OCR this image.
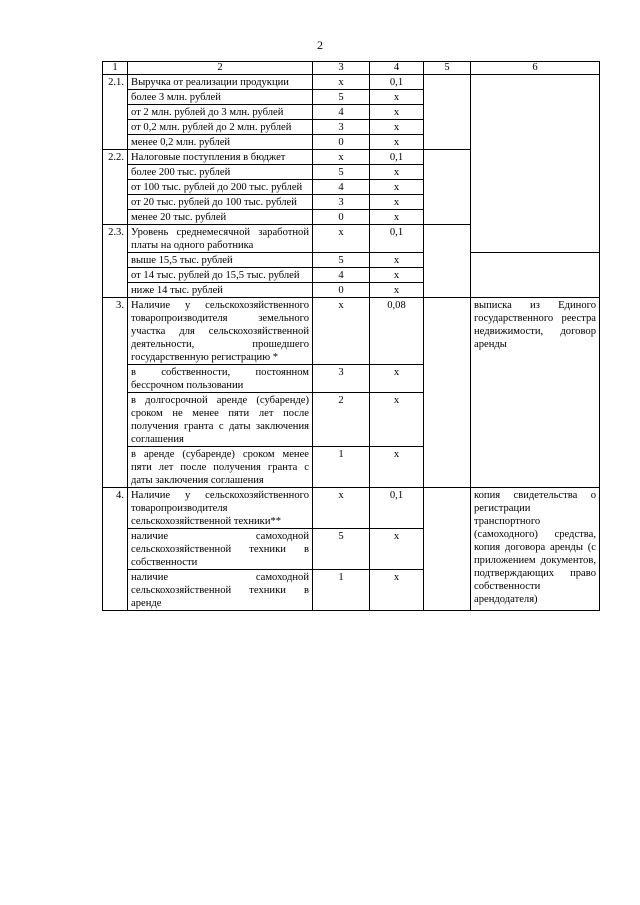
2
1	2	3	4	5	6
2.1.	Выручка от реализации продукции	х	0,1		
	более 3 млн. рублей	5	х		
	от 2 млн. рублей до 3 млн. рублей	4	х		
	от 0,2 млн. рублей до 2 млн. рублей	3	х		
	менее 0,2 млн. рублей	0	х		
2.2.	Налоговые поступления в бюджет	х	0,1		
	более 200 тыс. рублей	5	х		
	от 100 тыс. рублей до 200 тыс. рублей	4	х		
	от 20 тыс. рублей до 100 тыс. рублей	3	х		
	менее 20 тыс. рублей	0	х		
2.3.	Уровень среднемесячной заработной платы на одного работника	х	0,1		
	выше 15,5 тыс. рублей	5	х		
	от 14 тыс. рублей до 15,5 тыс. рублей	4	х		
	ниже 14 тыс. рублей	0	х		
3.	Наличие у сельскохозяйственного товаропроизводителя земельного участка для сельскохозяйственной деятельности, прошедшего государственную регистрацию *	х	0,08		выписка из Единого государственного реестра недвижимости, договор аренды
	в собственности, постоянном бессрочном пользовании	3	х		
	в долгосрочной аренде (субаренде) сроком не менее пяти лет после получения гранта с даты заключения соглашения	2	х		
	в аренде (субаренде) сроком менее пяти лет после получения гранта с даты заключения соглашения	1	х		
4.	Наличие у сельскохозяйственного товаропроизводителя сельскохозяйственной техники**	х	0,1		копия свидетельства о регистрации транспортного (самоходного) средства, копия договора аренды (с приложением документов, подтверждающих право собственности арендодателя)
	наличие самоходной сельскохозяйственной техники в собственности	5	х		
	наличие самоходной сельскохозяйственной техники в аренде	1	х		
